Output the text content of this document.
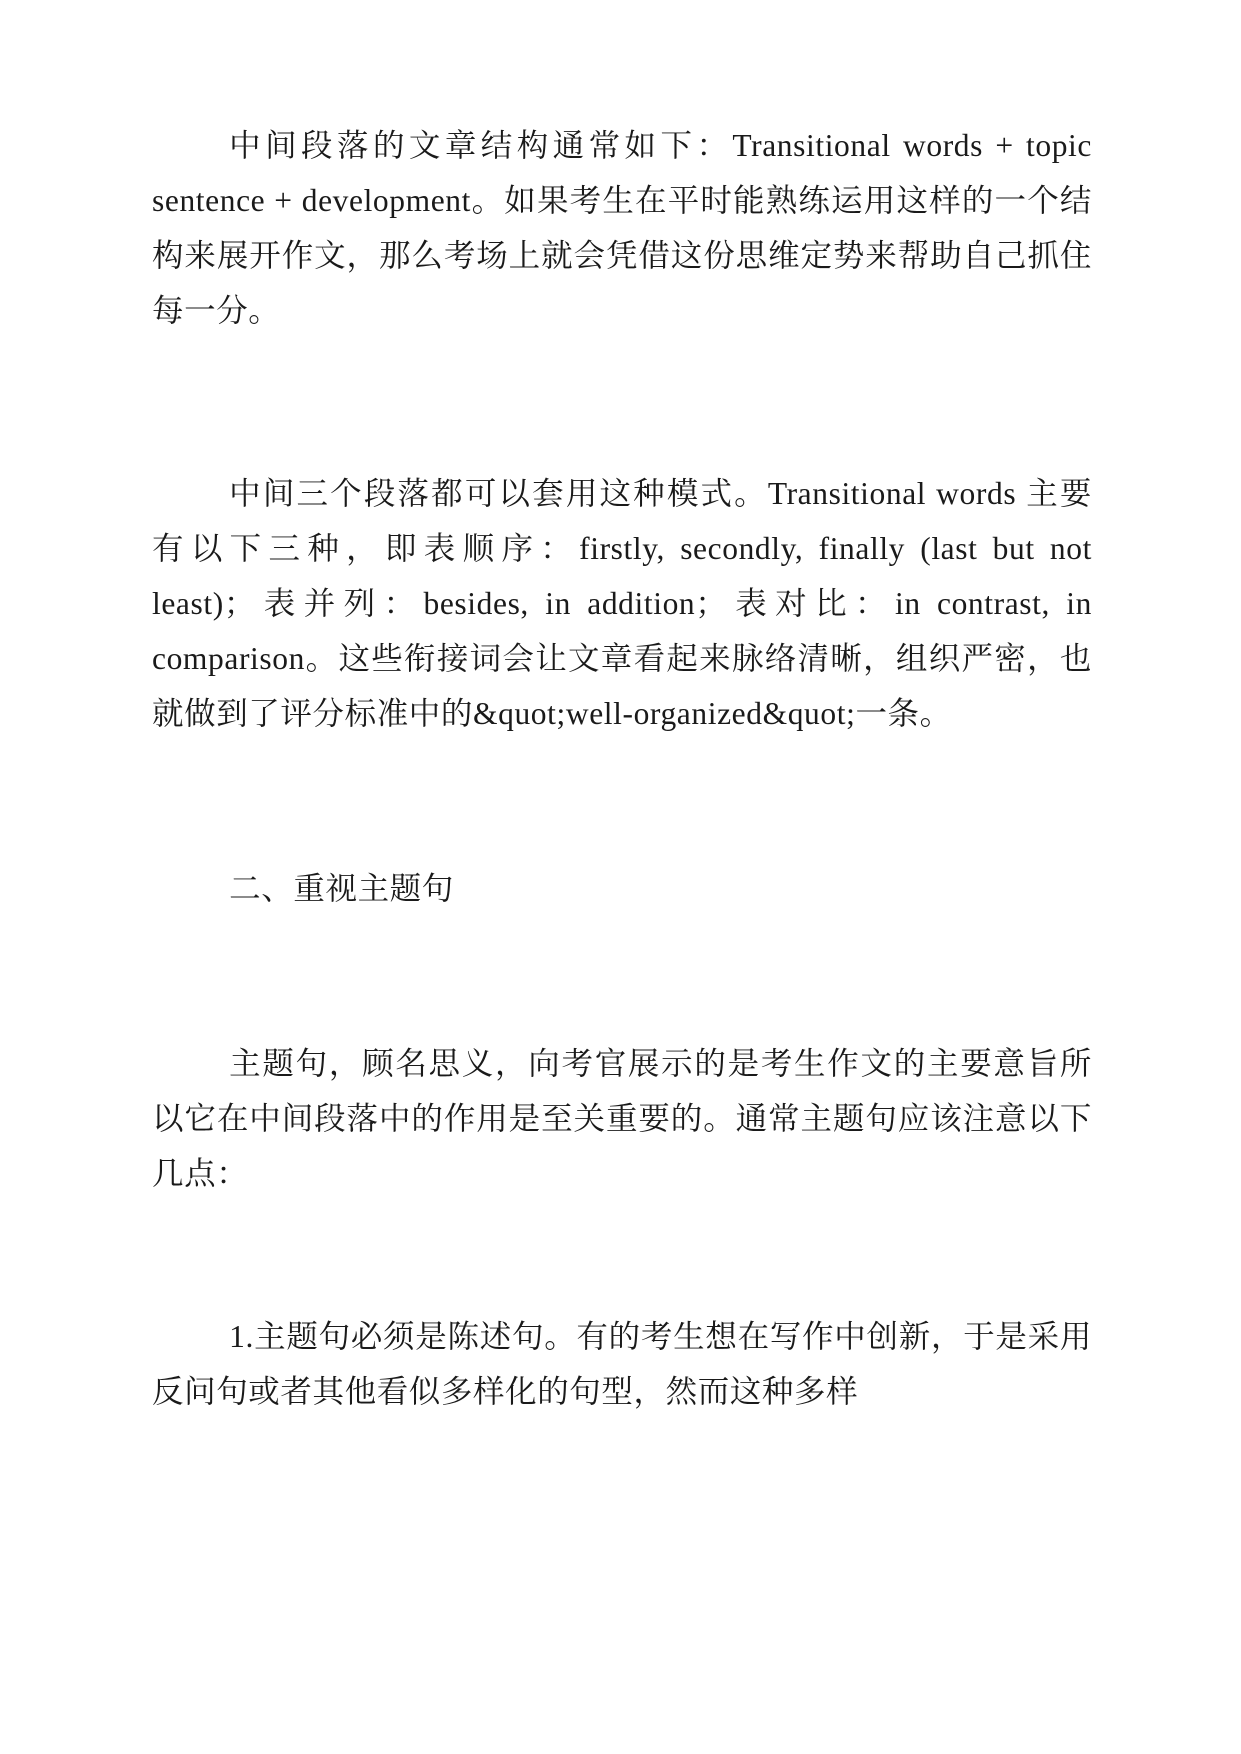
中间段落的文章结构通常如下：Transitional words + topic sentence + development。如果考生在平时能熟练运用这样的一个结构来展开作文，那么考场上就会凭借这份思维定势来帮助自己抓住每一分。

中间三个段落都可以套用这种模式。Transitional words 主要有以下三种，即表顺序：firstly, secondly, finally (last but not least)；表并列：besides, in addition；表对比：in contrast, in comparison。这些衔接词会让文章看起来脉络清晰，组织严密，也就做到了评分标准中的&quot;well-organized&quot;一条。

二、重视主题句

主题句，顾名思义，向考官展示的是考生作文的主要意旨所以它在中间段落中的作用是至关重要的。通常主题句应该注意以下几点：

1.主题句必须是陈述句。有的考生想在写作中创新，于是采用反问句或者其他看似多样化的句型，然而这种多样
